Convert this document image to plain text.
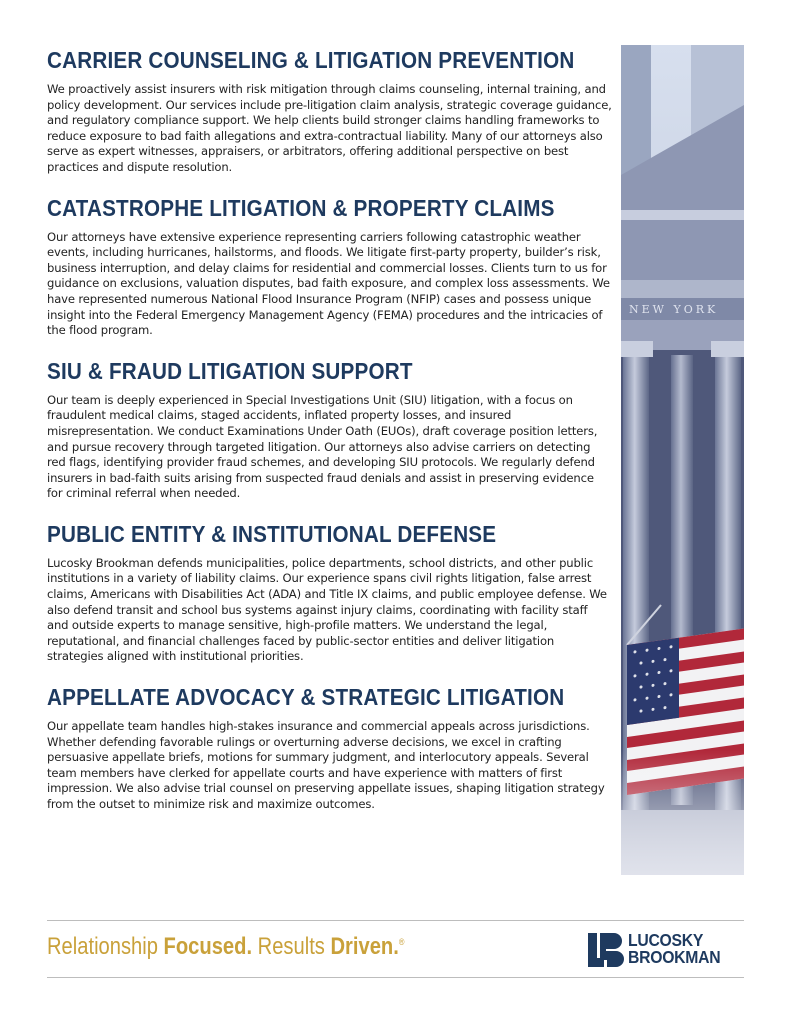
CARRIER COUNSELING & LITIGATION PREVENTION

We proactively assist insurers with risk mitigation through claims counseling, internal training, and policy development. Our services include pre-litigation claim analysis, strategic coverage guidance, and regulatory compliance support. We help clients build stronger claims handling frameworks to reduce exposure to bad faith allegations and extra-contractual liability. Many of our attorneys also serve as expert witnesses, appraisers, or arbitrators, offering additional perspective on best practices and dispute resolution.

CATASTROPHE LITIGATION & PROPERTY CLAIMS

Our attorneys have extensive experience representing carriers following catastrophic weather events, including hurricanes, hailstorms, and floods. We litigate first-party property, builder’s risk, business interruption, and delay claims for residential and commercial losses. Clients turn to us for guidance on exclusions, valuation disputes, bad faith exposure, and complex loss assessments. We have represented numerous National Flood Insurance Program (NFIP) cases and possess unique insight into the Federal Emergency Management Agency (FEMA) procedures and the intricacies of the flood program.

SIU & FRAUD LITIGATION SUPPORT

Our team is deeply experienced in Special Investigations Unit (SIU) litigation, with a focus on fraudulent medical claims, staged accidents, inflated property losses, and insured misrepresentation. We conduct Examinations Under Oath (EUOs), draft coverage position letters, and pursue recovery through targeted litigation. Our attorneys also advise carriers on detecting red flags, identifying provider fraud schemes, and developing SIU protocols. We regularly defend insurers in bad-faith suits arising from suspected fraud denials and assist in preserving evidence for criminal referral when needed.

PUBLIC ENTITY & INSTITUTIONAL DEFENSE

Lucosky Brookman defends municipalities, police departments, school districts, and other public institutions in a variety of liability claims. Our experience spans civil rights litigation, false arrest claims, Americans with Disabilities Act (ADA) and Title IX claims, and public employee defense. We also defend transit and school bus systems against injury claims, coordinating with facility staff and outside experts to manage sensitive, high-profile matters. We understand the legal, reputational, and financial challenges faced by public-sector entities and deliver litigation strategies aligned with institutional priorities.

APPELLATE ADVOCACY & STRATEGIC LITIGATION

Our appellate team handles high-stakes insurance and commercial appeals across jurisdictions. Whether defending favorable rulings or overturning adverse decisions, we excel in crafting persuasive appellate briefs, motions for summary judgment, and interlocutory appeals. Several team members have clerked for appellate courts and have experience with matters of first impression. We also advise trial counsel on preserving appellate issues, shaping litigation strategy from the outset to minimize risk and maximize outcomes.

Relationship Focused. Results Driven.®	LUCOSKY
BROOKMAN
